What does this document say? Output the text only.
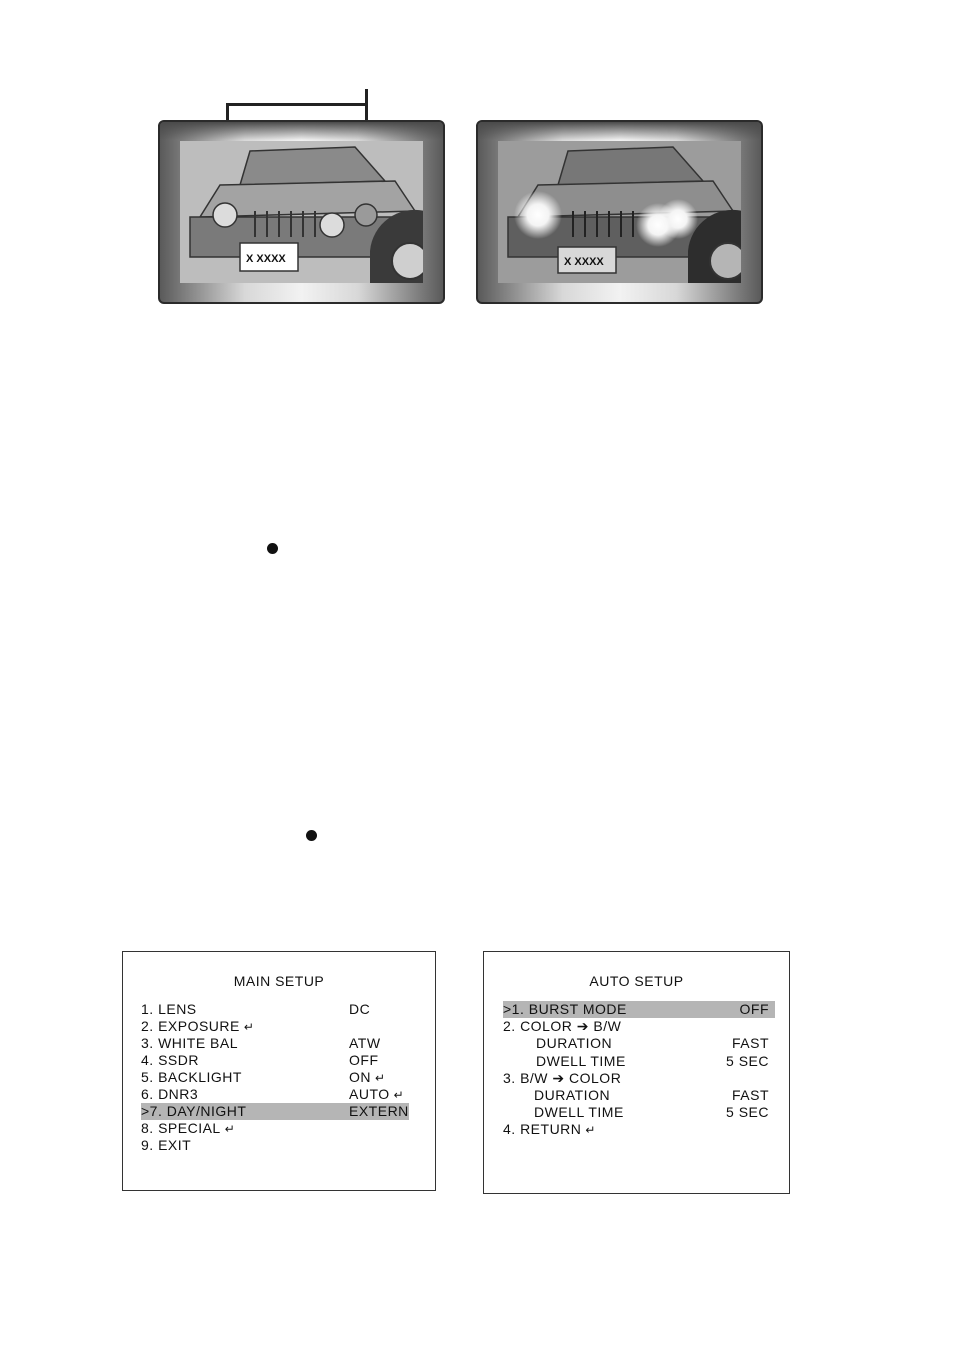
X XXXX	X XXXX
MAIN SETUP
1. LENS	DC
2. EXPOSURE ↵
3. WHITE BAL	ATW
4. SSDR	OFF
5. BACKLIGHT	ON ↵
6. DNR3	AUTO ↵
>7. DAY/NIGHT	EXTERN
8. SPECIAL ↵
9. EXIT
AUTO SETUP
>1. BURST MODE	OFF
2. COLOR ➔ B/W
DURATION	FAST
DWELL TIME	5 SEC
3. B/W ➔ COLOR
DURATION	FAST
DWELL TIME	5 SEC
4. RETURN ↵
